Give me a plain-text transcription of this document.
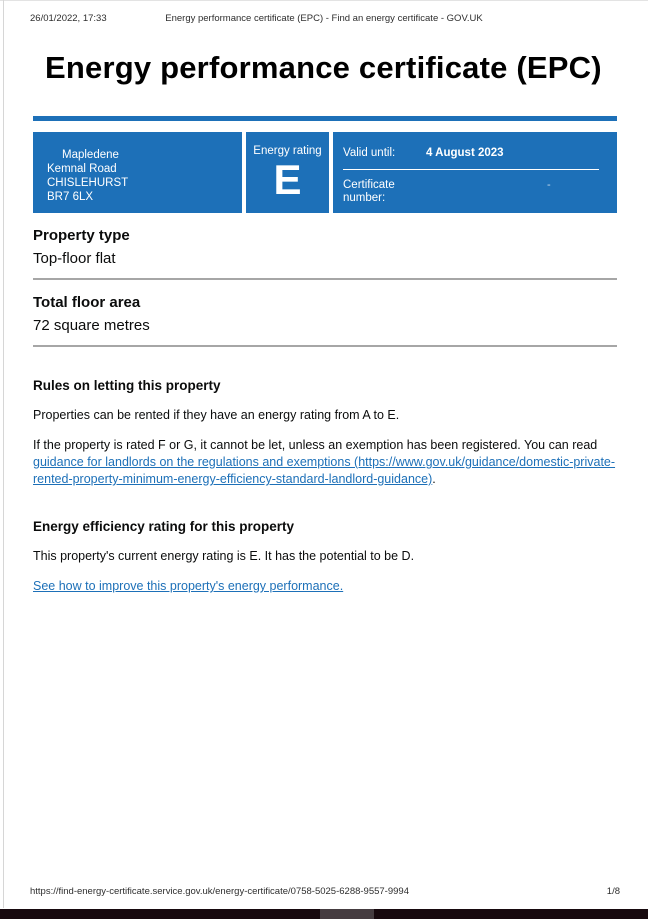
26/01/2022, 17:33	Energy performance certificate (EPC) - Find an energy certificate - GOV.UK
Energy performance certificate (EPC)
Mapledene
Kemnal Road
CHISLEHURST
BR7 6LX
Energy rating
E
Valid until:	4 August 2023
Certificate number:
-
Property type
Top-floor flat
Total floor area
72 square metres
Rules on letting this property

Properties can be rented if they have an energy rating from A to E.

If the property is rated F or G, it cannot be let, unless an exemption has been registered. You can read guidance for landlords on the regulations and exemptions (https://www.gov.uk/guidance/domestic-private-rented-property-minimum-energy-efficiency-standard-landlord-guidance).

Energy efficiency rating for this property

This property's current energy rating is E. It has the potential to be D.

See how to improve this property's energy performance.

https://find-energy-certificate.service.gov.uk/energy-certificate/0758-5025-6288-9557-9994	1/8
